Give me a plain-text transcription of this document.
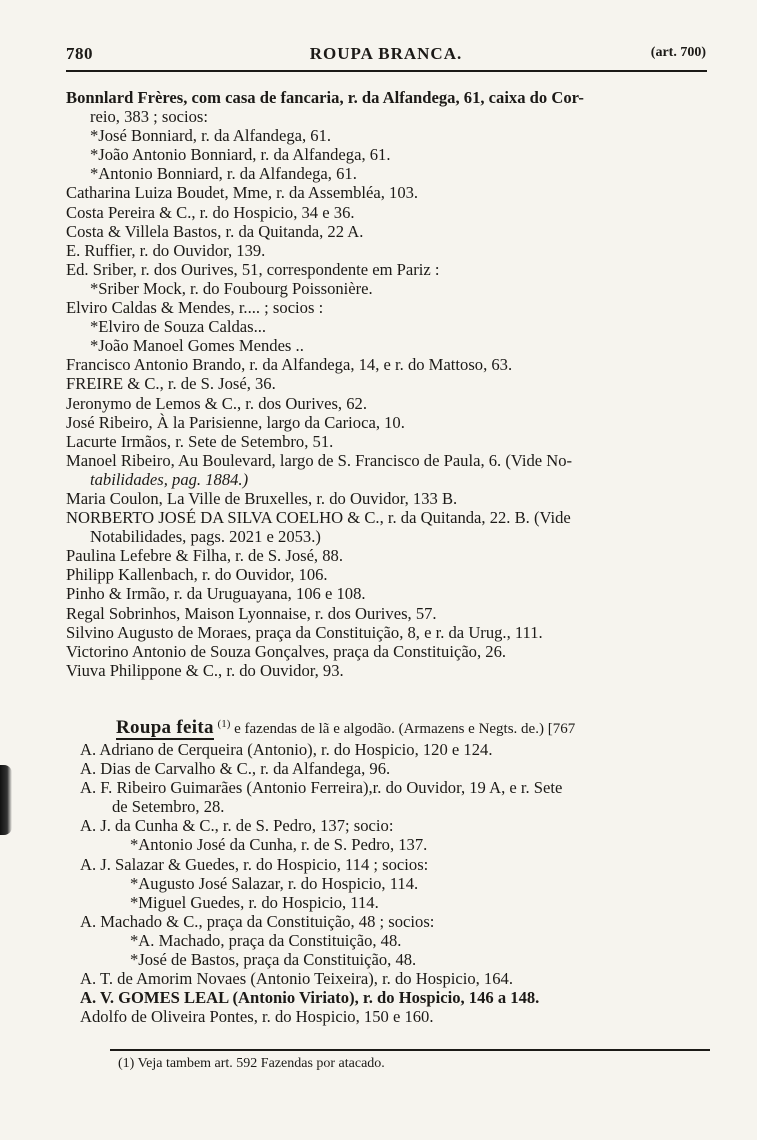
780	ROUPA BRANCA.	(art. 700)
Bonnlard Frères, com casa de fancaria, r. da Alfandega, 61, caixa do Cor-
reio, 383 ; socios:
*José Bonniard, r. da Alfandega, 61.
*João Antonio Bonniard, r. da Alfandega, 61.
*Antonio Bonniard, r. da Alfandega, 61.
Catharina Luiza Boudet, Mme, r. da Assembléa, 103.
Costa Pereira & C., r. do Hospicio, 34 e 36.
Costa & Villela Bastos, r. da Quitanda, 22 A.
E. Ruffier, r. do Ouvidor, 139.
Ed. Sriber, r. dos Ourives, 51, correspondente em Pariz :
*Sriber Mock, r. do Foubourg Poissonière.
Elviro Caldas & Mendes, r.... ; socios :
*Elviro de Souza Caldas...
*João Manoel Gomes Mendes ..
Francisco Antonio Brando, r. da Alfandega, 14, e r. do Mattoso, 63.
FREIRE & C., r. de S. José, 36.
Jeronymo de Lemos & C., r. dos Ourives, 62.
José Ribeiro, À la Parisienne, largo da Carioca, 10.
Lacurte Irmãos, r. Sete de Setembro, 51.
Manoel Ribeiro, Au Boulevard, largo de S. Francisco de Paula, 6. (Vide No-
tabilidades, pag. 1884.)
Maria Coulon, La Ville de Bruxelles, r. do Ouvidor, 133 B.
NORBERTO JOSÉ DA SILVA COELHO & C., r. da Quitanda, 22. B. (Vide
Notabilidades, pags. 2021 e 2053.)
Paulina Lefebre & Filha, r. de S. José, 88.
Philipp Kallenbach, r. do Ouvidor, 106.
Pinho & Irmão, r. da Uruguayana, 106 e 108.
Regal Sobrinhos, Maison Lyonnaise, r. dos Ourives, 57.
Silvino Augusto de Moraes, praça da Constituição, 8, e r. da Urug., 111.
Victorino Antonio de Souza Gonçalves, praça da Constituição, 26.
Viuva Philippone & C., r. do Ouvidor, 93.
Roupa feita $^{(1)}$ e fazendas de lã e algodão. (Armazens e Negts. de.) [767
A. Adriano de Cerqueira (Antonio), r. do Hospicio, 120 e 124.
A. Dias de Carvalho & C., r. da Alfandega, 96.
A. F. Ribeiro Guimarães (Antonio Ferreira),r. do Ouvidor, 19 A, e r. Sete
de Setembro, 28.
A. J. da Cunha & C., r. de S. Pedro, 137; socio:
*Antonio José da Cunha, r. de S. Pedro, 137.
A. J. Salazar & Guedes, r. do Hospicio, 114 ; socios:
*Augusto José Salazar, r. do Hospicio, 114.
*Miguel Guedes, r. do Hospicio, 114.
A. Machado & C., praça da Constituição, 48 ; socios:
*A. Machado, praça da Constituição, 48.
*José de Bastos, praça da Constituição, 48.
A. T. de Amorim Novaes (Antonio Teixeira), r. do Hospicio, 164.
A. V. GOMES LEAL (Antonio Viriato), r. do Hospicio, 146 a 148.
Adolfo de Oliveira Pontes, r. do Hospicio, 150 e 160.
(1) Veja tambem art. 592 Fazendas por atacado.
